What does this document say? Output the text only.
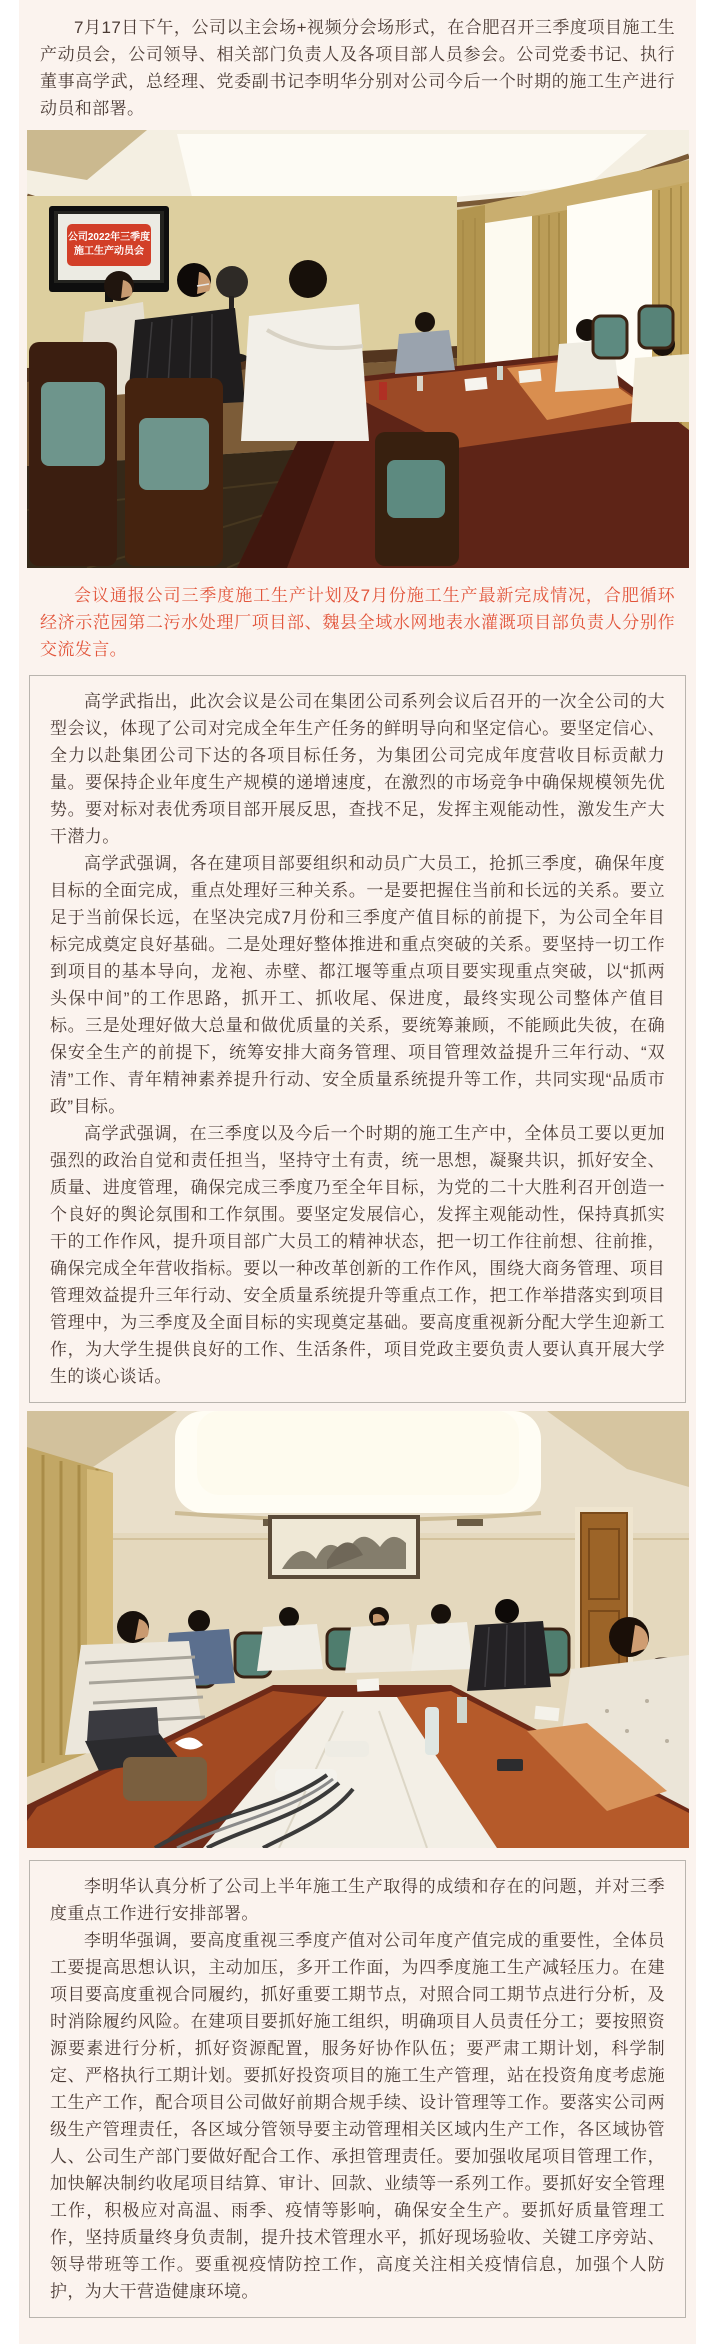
7月17日下午，公司以主会场+视频分会场形式，在合肥召开三季度项目施工生产动员会，公司领导、相关部门负责人及各项目部人员参会。公司党委书记、执行董事高学武，总经理、党委副书记李明华分别对公司今后一个时期的施工生产进行动员和部署。

公司2022年三季度
施工生产动员会

会议通报公司三季度施工生产计划及7月份施工生产最新完成情况，合肥循环经济示范园第二污水处理厂项目部、魏县全域水网地表水灌溉项目部负责人分别作交流发言。

高学武指出，此次会议是公司在集团公司系列会议后召开的一次全公司的大型会议，体现了公司对完成全年生产任务的鲜明导向和坚定信心。要坚定信心、全力以赴集团公司下达的各项目标任务，为集团公司完成年度营收目标贡献力量。要保持企业年度生产规模的递增速度，在激烈的市场竞争中确保规模领先优势。要对标对表优秀项目部开展反思，查找不足，发挥主观能动性，激发生产大干潜力。

高学武强调，各在建项目部要组织和动员广大员工，抢抓三季度，确保年度目标的全面完成，重点处理好三种关系。一是要把握住当前和长远的关系。要立足于当前保长远，在坚决完成7月份和三季度产值目标的前提下，为公司全年目标完成奠定良好基础。二是处理好整体推进和重点突破的关系。要坚持一切工作到项目的基本导向，龙袍、赤壁、都江堰等重点项目要实现重点突破，以“抓两头保中间”的工作思路，抓开工、抓收尾、保进度，最终实现公司整体产值目标。三是处理好做大总量和做优质量的关系，要统筹兼顾，不能顾此失彼，在确保安全生产的前提下，统筹安排大商务管理、项目管理效益提升三年行动、“双清”工作、青年精神素养提升行动、安全质量系统提升等工作，共同实现“品质市政”目标。

高学武强调，在三季度以及今后一个时期的施工生产中，全体员工要以更加强烈的政治自觉和责任担当，坚持守土有责，统一思想，凝聚共识，抓好安全、质量、进度管理，确保完成三季度乃至全年目标，为党的二十大胜利召开创造一个良好的舆论氛围和工作氛围。要坚定发展信心，发挥主观能动性，保持真抓实干的工作作风，提升项目部广大员工的精神状态，把一切工作往前想、往前推，确保完成全年营收指标。要以一种改革创新的工作作风，围绕大商务管理、项目管理效益提升三年行动、安全质量系统提升等重点工作，把工作举措落实到项目管理中，为三季度及全面目标的实现奠定基础。要高度重视新分配大学生迎新工作，为大学生提供良好的工作、生活条件，项目党政主要负责人要认真开展大学生的谈心谈话。

李明华认真分析了公司上半年施工生产取得的成绩和存在的问题，并对三季度重点工作进行安排部署。

李明华强调，要高度重视三季度产值对公司年度产值完成的重要性，全体员工要提高思想认识，主动加压，多开工作面，为四季度施工生产减轻压力。在建项目要高度重视合同履约，抓好重要工期节点，对照合同工期节点进行分析，及时消除履约风险。在建项目要抓好施工组织，明确项目人员责任分工；要按照资源要素进行分析，抓好资源配置，服务好协作队伍；要严肃工期计划，科学制定、严格执行工期计划。要抓好投资项目的施工生产管理，站在投资角度考虑施工生产工作，配合项目公司做好前期合规手续、设计管理等工作。要落实公司两级生产管理责任，各区域分管领导要主动管理相关区域内生产工作，各区域协管人、公司生产部门要做好配合工作、承担管理责任。要加强收尾项目管理工作，加快解决制约收尾项目结算、审计、回款、业绩等一系列工作。要抓好安全管理工作，积极应对高温、雨季、疫情等影响，确保安全生产。要抓好质量管理工作，坚持质量终身负责制，提升技术管理水平，抓好现场验收、关键工序旁站、领导带班等工作。要重视疫情防控工作，高度关注相关疫情信息，加强个人防护，为大干营造健康环境。
